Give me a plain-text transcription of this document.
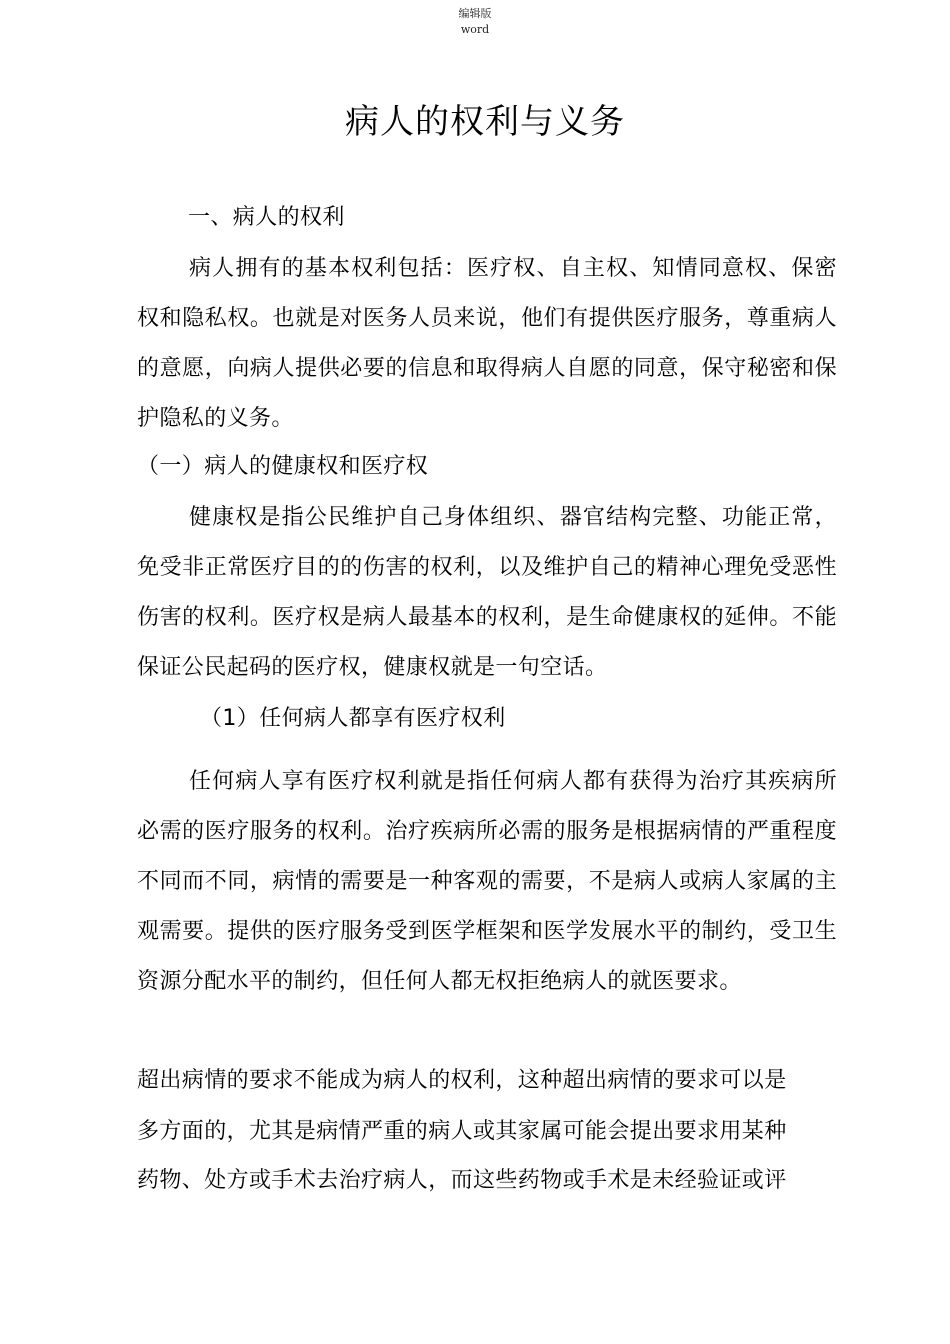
编辑版
word
病人的权利与义务
一、病人的权利
病人拥有的基本权利包括：医疗权、自主权、知情同意权、保密权和隐私权。也就是对医务人员来说，他们有提供医疗服务，尊重病人的意愿，向病人提供必要的信息和取得病人自愿的同意，保守秘密和保护隐私的义务。
（一）病人的健康权和医疗权
健康权是指公民维护自己身体组织、器官结构完整、功能正常，免受非正常医疗目的的伤害的权利，以及维护自己的精神心理免受恶性伤害的权利。医疗权是病人最基本的权利，是生命健康权的延伸。不能保证公民起码的医疗权，健康权就是一句空话。
（1）任何病人都享有医疗权利
任何病人享有医疗权利就是指任何病人都有获得为治疗其疾病所必需的医疗服务的权利。治疗疾病所必需的服务是根据病情的严重程度不同而不同，病情的需要是一种客观的需要，不是病人或病人家属的主观需要。提供的医疗服务受到医学框架和医学发展水平的制约，受卫生资源分配水平的制约，但任何人都无权拒绝病人的就医要求。
超出病情的要求不能成为病人的权利，这种超出病情的要求可以是
多方面的，尤其是病情严重的病人或其家属可能会提出要求用某种
药物、处方或手术去治疗病人，而这些药物或手术是未经验证或评
